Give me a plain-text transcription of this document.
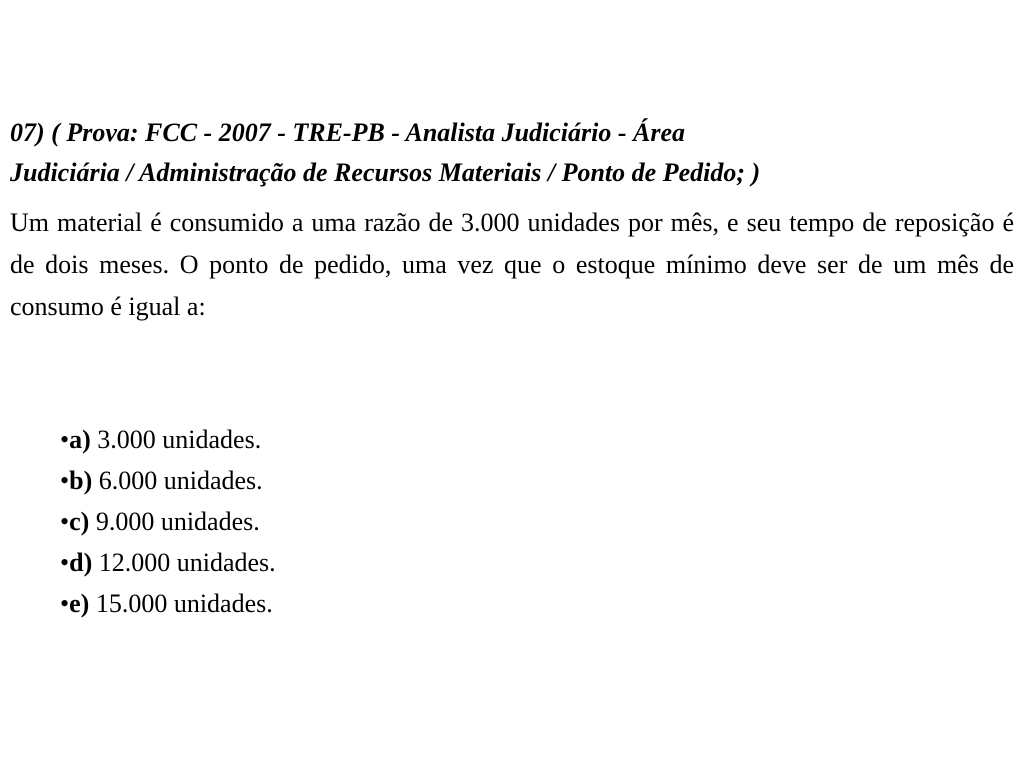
07) ( Prova: FCC - 2007 - TRE-PB - Analista Judiciário - Área
Judiciária / Administração de Recursos Materiais / Ponto de Pedido; )

Um material é consumido a uma razão de 3.000 unidades por mês, e seu tempo de reposição é de dois meses. O ponto de pedido, uma vez que o estoque mínimo deve ser de um mês de consumo é igual a:

•a) 3.000 unidades.
•b) 6.000 unidades.
•c) 9.000 unidades.
•d) 12.000 unidades.
•e) 15.000 unidades.
